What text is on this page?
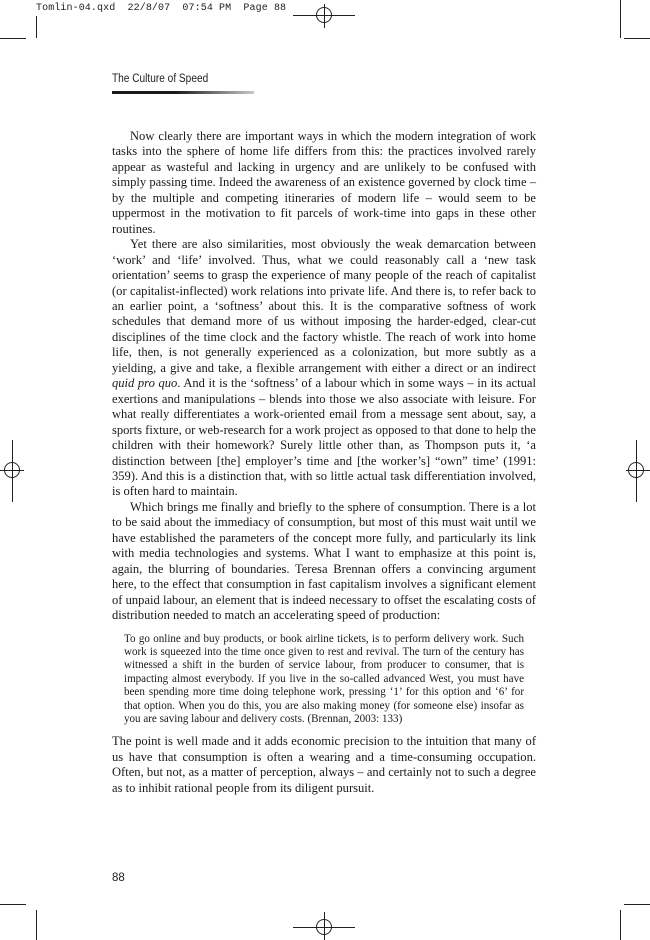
Tomlin-04.qxd  22/8/07  07:54 PM  Page 88
The Culture of Speed

Now clearly there are important ways in which the modern integration of work tasks into the sphere of home life differs from this: the practices involved rarely appear as wasteful and lacking in urgency and are unlikely to be confused with simply passing time. Indeed the awareness of an existence governed by clock time – by the multiple and competing itineraries of modern life – would seem to be uppermost in the motivation to fit parcels of work-time into gaps in these other routines.

Yet there are also similarities, most obviously the weak demarcation between ‘work’ and ‘life’ involved. Thus, what we could reasonably call a ‘new task orientation’ seems to grasp the experience of many people of the reach of capitalist (or capitalist-inflected) work relations into private life. And there is, to refer back to an earlier point, a ‘softness’ about this. It is the comparative softness of work schedules that demand more of us without imposing the harder-edged, clear-cut disciplines of the time clock and the factory whistle. The reach of work into home life, then, is not generally experienced as a colonization, but more subtly as a yielding, a give and take, a flexible arrangement with either a direct or an indirect quid pro quo. And it is the ‘softness’ of a labour which in some ways – in its actual exertions and manipulations – blends into those we also associate with leisure. For what really differentiates a work-oriented email from a message sent about, say, a sports fixture, or web-research for a work project as opposed to that done to help the children with their homework? Surely little other than, as Thompson puts it, ‘a distinction between [the] employer’s time and [the worker’s] “own” time’ (1991: 359). And this is a distinction that, with so little actual task differentiation involved, is often hard to maintain.

Which brings me finally and briefly to the sphere of consumption. There is a lot to be said about the immediacy of consumption, but most of this must wait until we have established the parameters of the concept more fully, and particularly its link with media technologies and systems. What I want to emphasize at this point is, again, the blurring of boundaries. Teresa Brennan offers a convincing argument here, to the effect that consumption in fast capitalism involves a significant element of unpaid labour, an element that is indeed necessary to offset the escalating costs of distribution needed to match an accelerating speed of production:

To go online and buy products, or book airline tickets, is to perform delivery work. Such work is squeezed into the time once given to rest and revival. The turn of the century has witnessed a shift in the burden of service labour, from producer to consumer, that is impacting almost everybody. If you live in the so-called advanced West, you must have been spending more time doing telephone work, pressing ‘1’ for this option and ‘6’ for that option. When you do this, you are also making money (for someone else) insofar as you are saving labour and delivery costs. (Brennan, 2003: 133)

The point is well made and it adds economic precision to the intuition that many of us have that consumption is often a wearing and a time-consuming occupation. Often, but not, as a matter of perception, always – and certainly not to such a degree as to inhibit rational people from its diligent pursuit.

88
